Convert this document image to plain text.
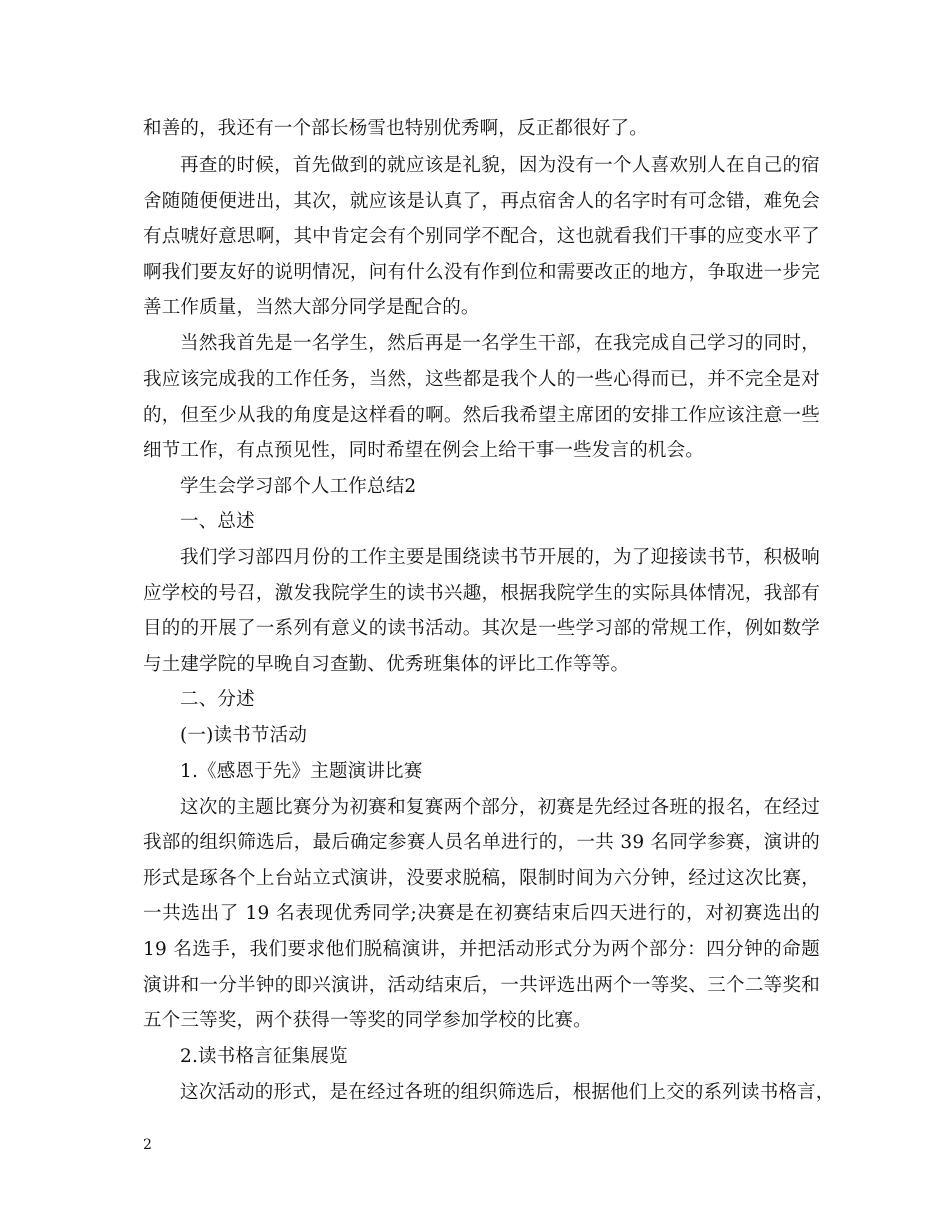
和善的，我还有一个部长杨雪也特别优秀啊，反正都很好了。
再查的时候，首先做到的就应该是礼貌，因为没有一个人喜欢别人在自己的宿
舍随随便便进出，其次，就应该是认真了，再点宿舍人的名字时有可念错，难免会
有点唬好意思啊，其中肯定会有个别同学不配合，这也就看我们干事的应变水平了
啊我们要友好的说明情况，问有什么没有作到位和需要改正的地方，争取进一步完
善工作质量，当然大部分同学是配合的。
当然我首先是一名学生，然后再是一名学生干部，在我完成自己学习的同时，
我应该完成我的工作任务，当然，这些都是我个人的一些心得而已，并不完全是对
的，但至少从我的角度是这样看的啊。然后我希望主席团的安排工作应该注意一些
细节工作，有点预见性，同时希望在例会上给干事一些发言的机会。
学生会学习部个人工作总结2
一、总述
我们学习部四月份的工作主要是围绕读书节开展的，为了迎接读书节，积极响
应学校的号召，激发我院学生的读书兴趣，根据我院学生的实际具体情况，我部有
目的的开展了一系列有意义的读书活动。其次是一些学习部的常规工作，例如数学
与土建学院的早晚自习查勤、优秀班集体的评比工作等等。
二、分述
(一)读书节活动
1.《感恩于先》主题演讲比赛
这次的主题比赛分为初赛和复赛两个部分，初赛是先经过各班的报名，在经过
我部的组织筛选后，最后确定参赛人员名单进行的，一共 39 名同学参赛，演讲的
形式是琢各个上台站立式演讲，没要求脱稿，限制时间为六分钟，经过这次比赛，
一共选出了 19 名表现优秀同学;决赛是在初赛结束后四天进行的，对初赛选出的
19 名选手，我们要求他们脱稿演讲，并把活动形式分为两个部分：四分钟的命题
演讲和一分半钟的即兴演讲，活动结束后，一共评选出两个一等奖、三个二等奖和
五个三等奖，两个获得一等奖的同学参加学校的比赛。
2.读书格言征集展览
这次活动的形式，是在经过各班的组织筛选后，根据他们上交的系列读书格言，
2
